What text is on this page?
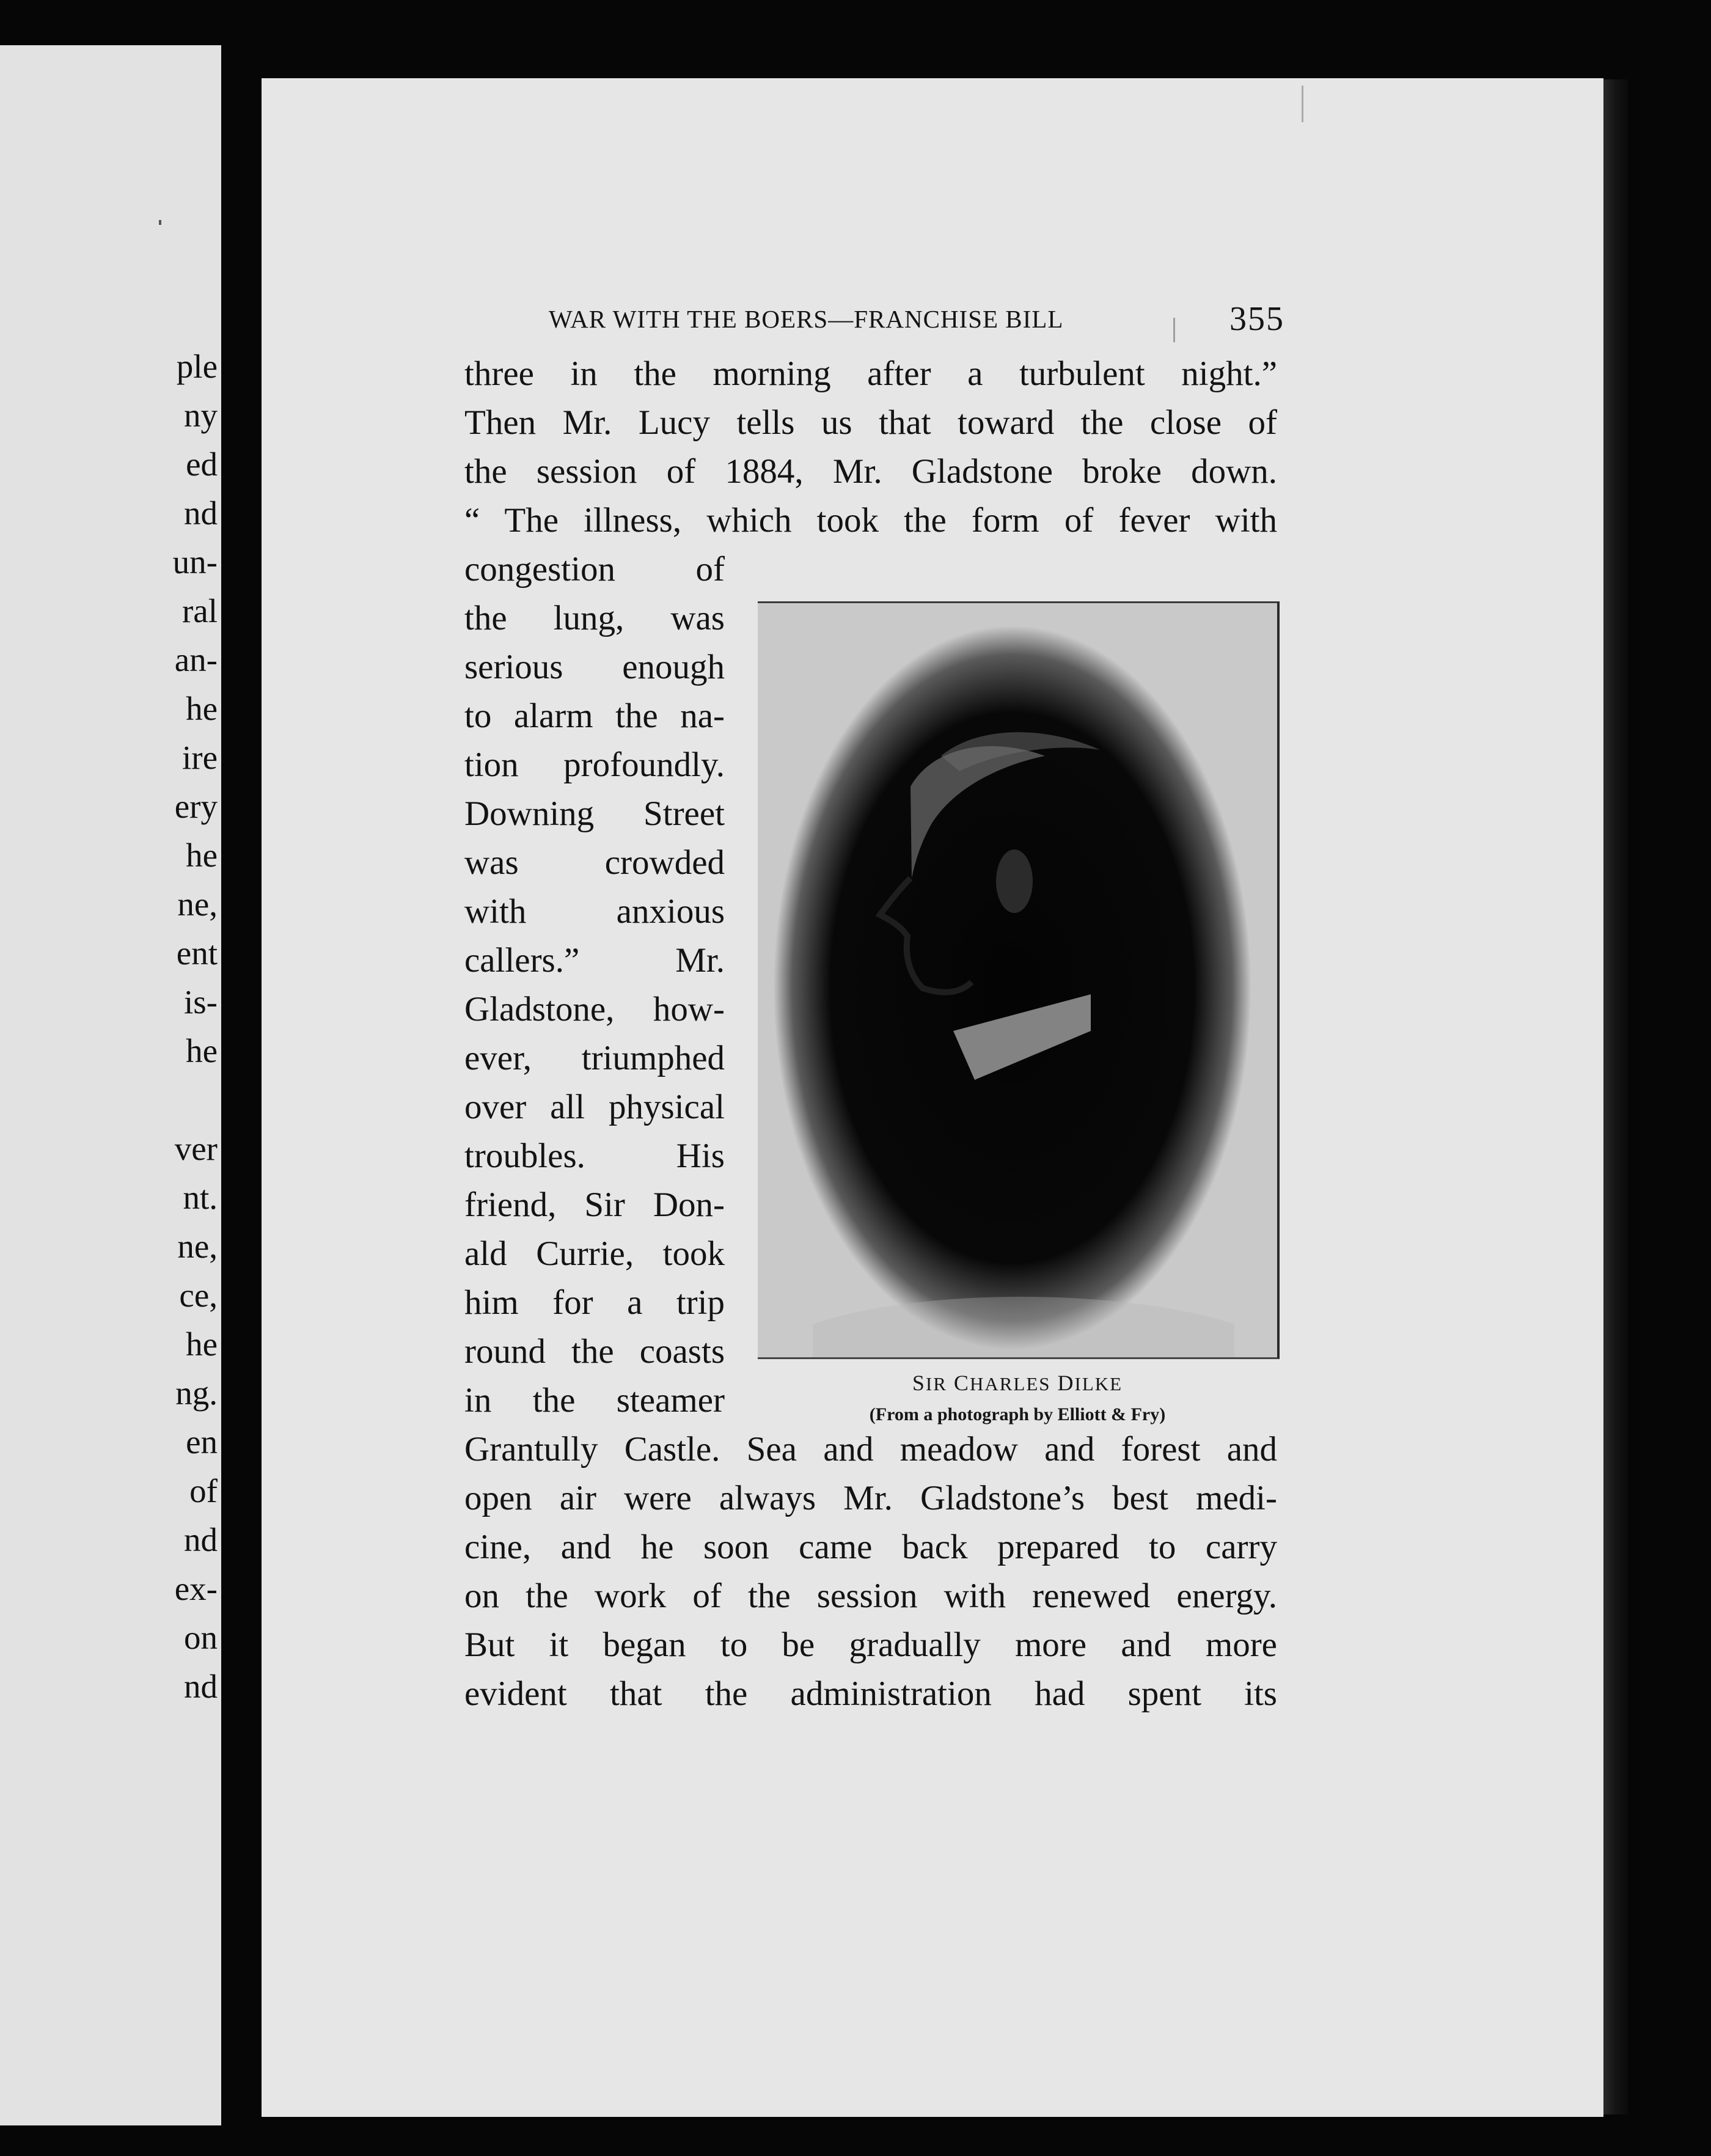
ple
ny
ed
nd
un-
ral
an-
he
ire
ery
he
ne,
ent
is-
he
ver
nt.
ne,
ce,
he
ng.
en
of
nd
ex-
on
nd
WAR WITH THE BOERS—FRANCHISE BILL	355
three in the morning after a turbulent night.”
Then Mr. Lucy tells us that toward the close of
the session of 1884, Mr. Gladstone broke down.
“ The illness, which took the form of fever with
congestion of
the lung, was
serious enough
to alarm the na-
tion profoundly.
Downing Street
was crowded
with anxious
callers.” Mr.
Gladstone, how-
ever, triumphed
over all physical
troubles. His
friend, Sir Don-
ald Currie, took
him for a trip
round the coasts
in the steamer
Grantully Castle. Sea and meadow and forest and
open air were always Mr. Gladstone’s best medi-
cine, and he soon came back prepared to carry
on the work of the session with renewed energy.
But it began to be gradually more and more
evident that the administration had spent its
SIR CHARLES DILKE
(From a photograph by Elliott & Fry)
